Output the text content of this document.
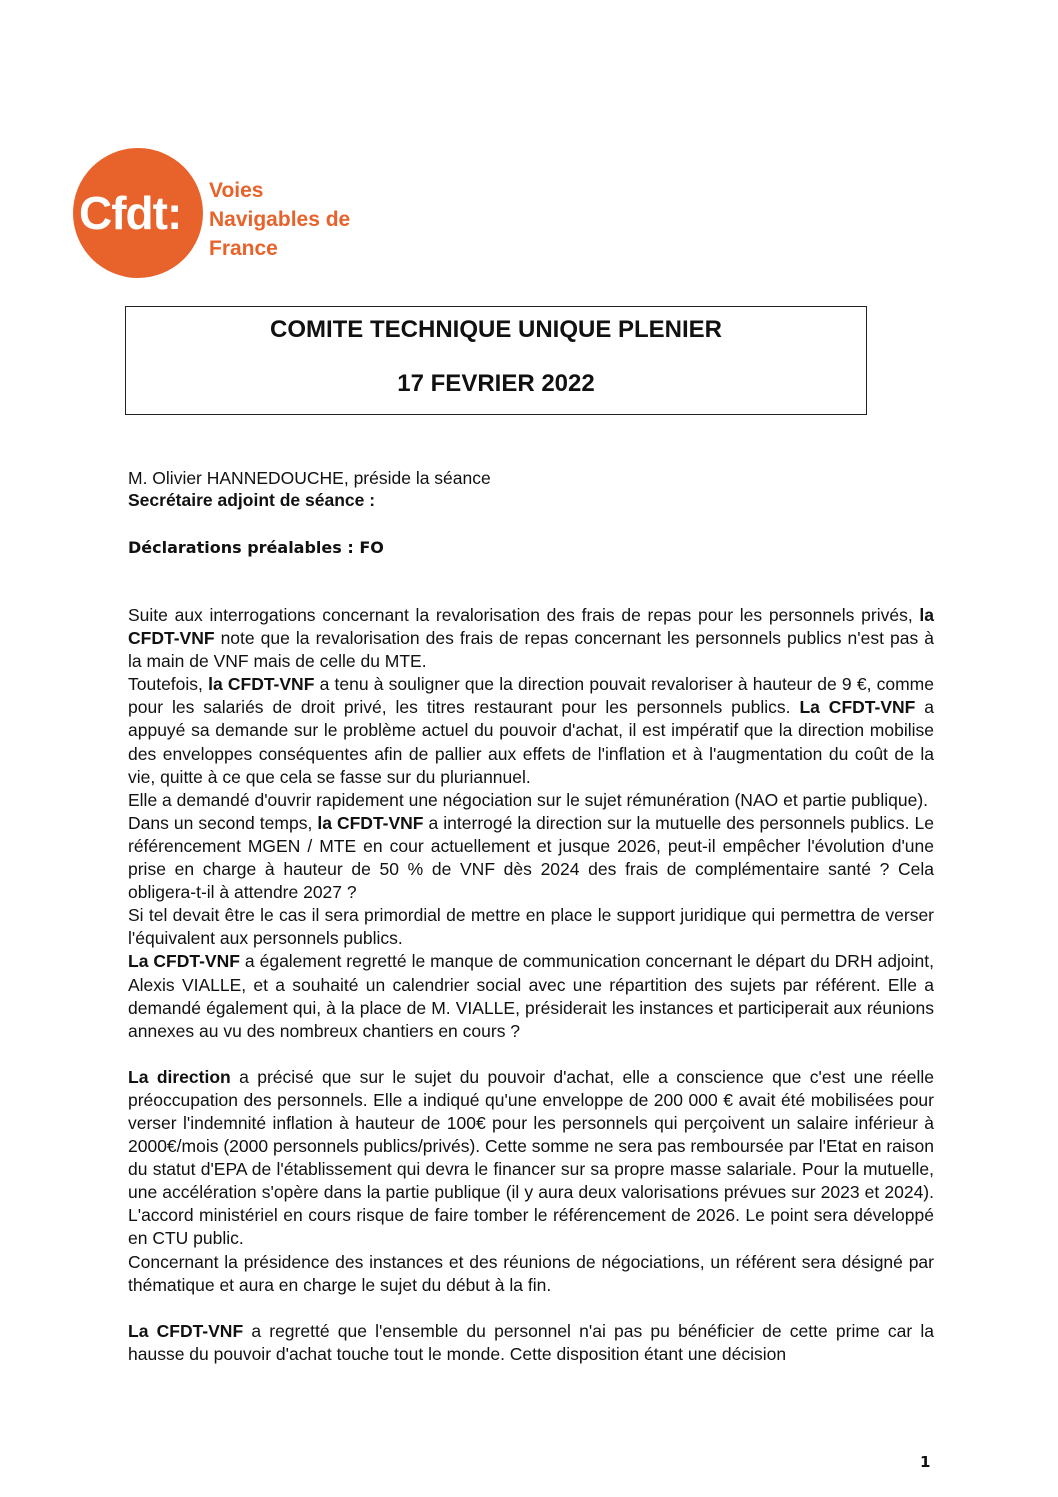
Cfdt: Voies
Navigables de
France
COMITE TECHNIQUE UNIQUE PLENIER
17 FEVRIER 2022
M. Olivier HANNEDOUCHE, préside la séance
Secrétaire adjoint de séance :
Déclarations préalables : FO

Suite aux interrogations concernant la revalorisation des frais de repas pour les personnels privés, la CFDT-VNF note que la revalorisation des frais de repas concernant les personnels publics n'est pas à la main de VNF mais de celle du MTE.

Toutefois, la CFDT-VNF a tenu à souligner que la direction pouvait revaloriser à hauteur de 9 €, comme pour les salariés de droit privé, les titres restaurant pour les personnels publics. La CFDT-VNF a appuyé sa demande sur le problème actuel du pouvoir d'achat, il est impératif que la direction mobilise des enveloppes conséquentes afin de pallier aux effets de l'inflation et à l'augmentation du coût de la vie, quitte à ce que cela se fasse sur du pluriannuel.

Elle a demandé d'ouvrir rapidement une négociation sur le sujet rémunération (NAO et partie publique).

Dans un second temps, la CFDT-VNF a interrogé la direction sur la mutuelle des personnels publics. Le référencement MGEN / MTE en cour actuellement et jusque 2026, peut-il empêcher l'évolution d'une prise en charge à hauteur de 50 % de VNF dès 2024 des frais de complémentaire santé ? Cela obligera-t-il à attendre 2027 ?

Si tel devait être le cas il sera primordial de mettre en place le support juridique qui permettra de verser l'équivalent aux personnels publics.

La CFDT-VNF a également regretté le manque de communication concernant le départ du DRH adjoint, Alexis VIALLE, et a souhaité un calendrier social avec une répartition des sujets par référent. Elle a demandé également qui, à la place de M. VIALLE, présiderait les instances et participerait aux réunions annexes au vu des nombreux chantiers en cours ?

La direction a précisé que sur le sujet du pouvoir d'achat, elle a conscience que c'est une réelle préoccupation des personnels. Elle a indiqué qu'une enveloppe de 200 000 € avait été mobilisées pour verser l'indemnité inflation à hauteur de 100€ pour les personnels qui perçoivent un salaire inférieur à 2000€/mois (2000 personnels publics/privés). Cette somme ne sera pas remboursée par l'Etat en raison du statut d'EPA de l'établissement qui devra le financer sur sa propre masse salariale. Pour la mutuelle, une accélération s'opère dans la partie publique (il y aura deux valorisations prévues sur 2023 et 2024). L'accord ministériel en cours risque de faire tomber le référencement de 2026. Le point sera développé en CTU public.

Concernant la présidence des instances et des réunions de négociations, un référent sera désigné par thématique et aura en charge le sujet du début à la fin.

La CFDT-VNF a regretté que l'ensemble du personnel n'ai pas pu bénéficier de cette prime car la hausse du pouvoir d'achat touche tout le monde. Cette disposition étant une décision

1
